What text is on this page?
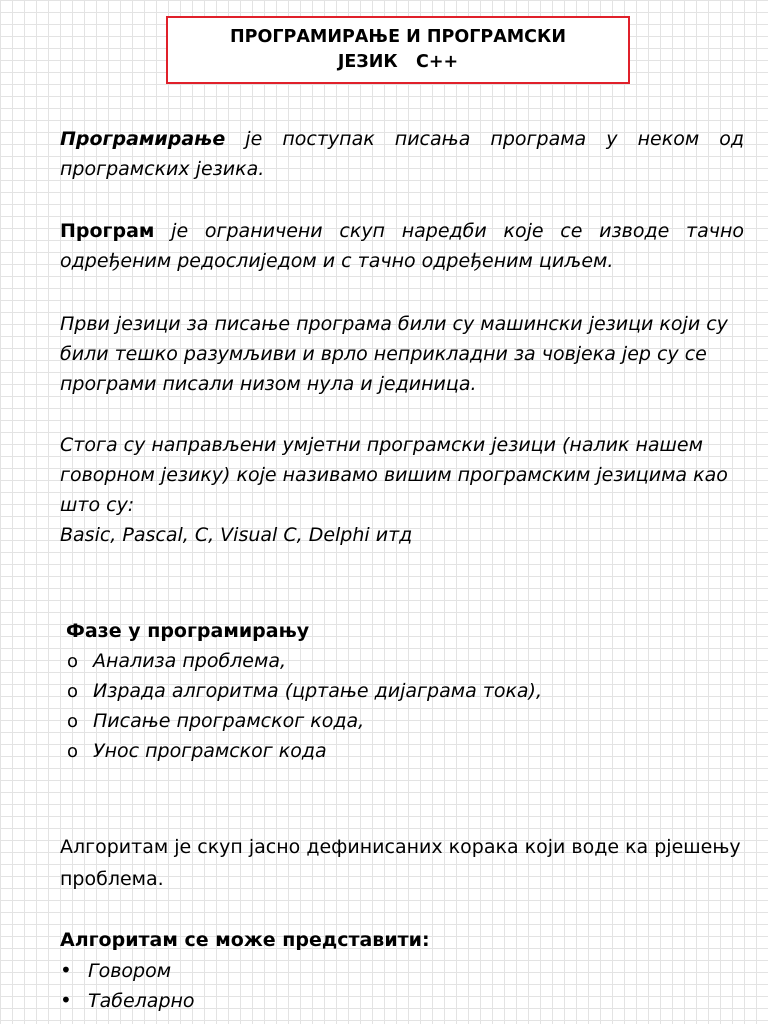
ПРОГРАМИРАЊЕ И ПРОГРАМСКИ
ЈЕЗИК   C++

Програмирање је поступак писања програма у неком од програмских језика.

Програм је ограничени скуп наредби које се изводе тачно одређеним редослиједом и с тачно одређеним циљем.

Први језици за писање програма били су машински језици који су били тешко разумљиви и врло неприкладни за човјека јер су се програми писали низом нула и јединица.

Стога су направљени умјетни програмски језици (налик нашем говорном језику) које називамо вишим програмским језицима као што су:
Basic, Pascal, C, Visual C, Delphi итд

Фазе у програмирању
o Анализа проблема,
o Израда алгоритма (цртање дијаграма тока),
o Писање програмског кода,
o Унос програмског кода

Алгоритам је скуп јасно дефинисаних корака који воде ка рјешењу проблема.

Алгоритам се може представити:
• Говором
• Табеларно
